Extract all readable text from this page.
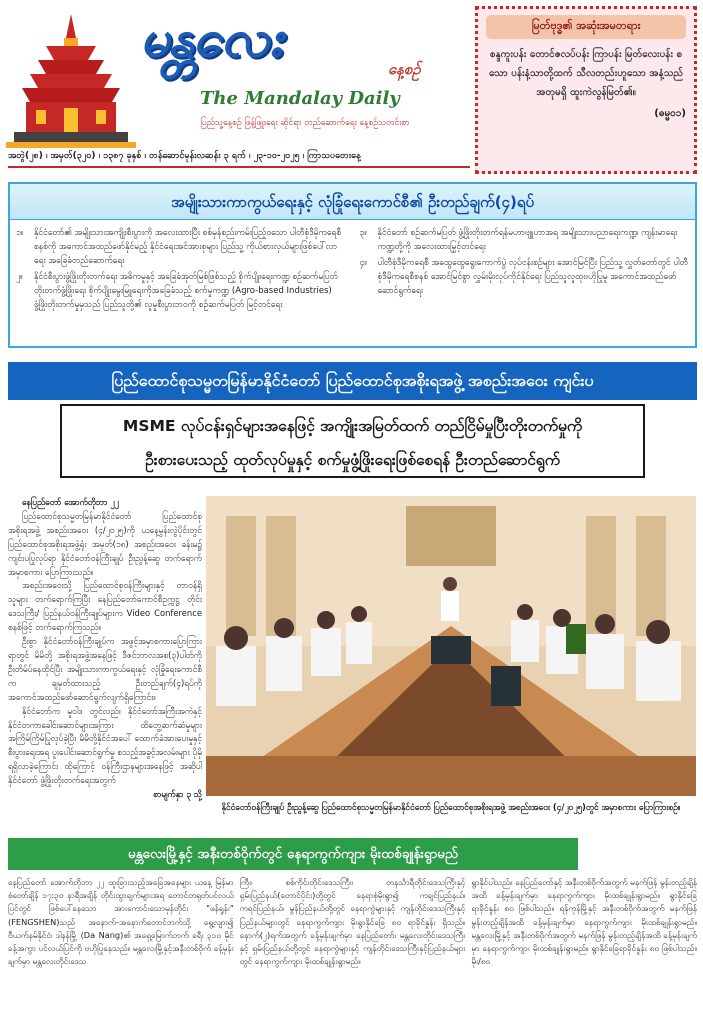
မန္တလေး	နေ့စဉ်
The Mandalay Daily
ပြည်သူ့နေ့စဉ် ဖြန့်ဖြူးရေး ဆိုင်ရာ တည်ဆောက်ရေး နေ့စဉ်သတင်းစာ
အတွဲ(၂၈) ၊ အမှတ်(၃၂၀) ၊ ၁၃၈၇ ခုနှစ် ၊ တန်ဆောင်မုန်းလဆန်း ၃ ရက် ၊ ၂၃-၁၀-၂၀၂၅ ၊ ကြာသပတေးနေ့
မြတ်ဗုဒ္ဓ၏ အဆုံးအမတရား
စန္ဒကူးပန်း တောင်ဇလပ်ပန်း ကြာပန်း မြတ်လေးပန်း စသော ပန်းနံ့သာတို့ထက် သီလတည်းဟူသော အနံ့သည် အတုမရှိ ထူးကဲလွန်မြတ်၏။
(ဓမ္မ၀၁)
အမျိုးသားကာကွယ်ရေးနှင့် လုံခြုံရေးကောင်စီ၏ ဦးတည်ချက်(၄)ရပ်
၁။	နိုင်ငံတော်၏ အမျိုးသားအကျိုးစီးပွားကို အလေးထားပြီး စစ်မှန်စည်းကမ်းပြည့်ဝသော ပါတီစုံဒီမိုကရေစီစနစ်ကို အကောင်အထည်ဖော်နိုင်မည့် နိုင်ငံရေးအင်အားစုများ ပြည်သူ့ ကိုယ်စားလှယ်များဖြစ်ပေါ်လာရေး အခြေခံတည်ဆောက်ရေး
၂။	နိုင်ငံစီးပွားဖွံ့ဖြိုးတိုးတက်ရေး အဓိကမှုနှင့် အခြေခံအုတ်မြစ်ဖြစ်သည့် စိုက်ပျိုးရေးကဏ္ဍ စဉ်ဆက်မပြတ်တိုးတက်ဖွံ့ဖြိုးရေး စိုက်ပျိုးမွေးမြူရေးကိုအခြေခံသည့် စက်မှုကဏ္ဍ (Agro-based Industries) ဖွံ့ဖြိုးတိုးတက်မှုမှသည် ပြည်သူတို့၏ လူမှုစီးပွားဘဝကို စဉ်ဆက်မပြတ် မြင့်တင်ရေး
၃။	နိုင်ငံတော် စဉ်ဆက်မပြတ် ဖွံ့ဖြိုးတိုးတက်ရန်မဟာဗျူဟာအရ အမျိုးသားပညာရေးကဏ္ဍ၊ ကျန်းမာရေးကဏ္ဍတို့ကို အလေးထားမြှင့်တင်ရေး
၄။	ပါတီစုံဒီမိုကရေစီ အထွေထွေရွေးကောက်ပွဲ လုပ်ငန်းစဉ်များ အောင်မြင်ပြီး ပြည်သူ့ လွှတ်တော်တွင် ပါတီစုံဒီမိုကရေစီစနစ် အောင်မြင်စွာ လွှမ်းမိုးလုပ်ကိုင်နိုင်ရေး ပြည်သူလူထုဗဟိုပြုမူ အကောင်အထည်ဖော် ဆောင်ရွက်ရေး
ပြည်ထောင်စုသမ္မတမြန်မာနိုင်ငံတော် ပြည်ထောင်စုအစိုးရအဖွဲ့ အစည်းအဝေး ကျင်းပ
MSME လုပ်ငန်းရှင်များအနေဖြင့် အကျိုးအမြတ်ထက် တည်ငြိမ်မှုပြီးတိုးတက်မှုကို
ဦးစားပေးသည့် ထုတ်လုပ်မှုနှင့် စက်မှုဖွံ့ဖြိုးရေးဖြစ်စေရန် ဦးတည်ဆောင်ရွက်

နေပြည်တော် အောက်တိုဘာ ၂၂

ပြည်ထောင်စုသမ္မတမြန်မာနိုင်ငံတော် ပြည်ထောင်စုအစိုးရအဖွဲ့ အစည်းအဝေး (၄/၂၀၂၅)ကို ယနေ့မွန်းလွဲပိုင်းတွင် ပြည်ထောင်စုအစိုးရအဖွဲ့ရုံး အမှတ်(၁၈) အစည်းအဝေး ခန်းမ၌ ကျင်းပပြုလုပ်ရာ နိုင်ငံတော်ဝန်ကြီးချုပ် ဦးညွန့်ဆွေ တက်ရောက်အမှာစကား ပြောကြားသည်။

အစည်းအဝေးသို့ ပြည်ထောင်စုဝန်ကြီးများနှင့် တာဝန်ရှိသူများ တက်ရောက်ကြပြီး နေပြည်တော်ကောင်စီဥက္ကဋ္ဌ တိုင်းဒေသကြီး/ ပြည်နယ်ဝန်ကြီးချုပ်များက Video Conference စနစ်ဖြင့် တက်ရောက်ကြသည်။

ဦးစွာ နိုင်ငံတော်ဝန်ကြီးချုပ်က အဖွင့်အမှာစကားပြောကြားရာတွင် မိမိတို့ အစိုးရအဖွဲ့အနေဖြင့် ဒီဇင်ဘာလအစ(၃)ပါတ်ကို ဦးတိမ်ပ်နေထိုင်ပြီး အမျိုးသားကာကွယ်ရေးနှင့် လုံခြုံရေးကောင်စီက ချမှတ်ထားသည့် ဦးတည်ချက်(၄)ရပ်ကို အကောင်အထည်ဖော်ဆောင်ရွက်လျက်ရှိကြောင်း။

နိုင်ငံတော်က မူဝါဒ တွင်လည်း နိုင်ငံတော်အကြီးအကဲနှင့် နိုင်ငံတကာခေါင်းဆောင်များအကြား ထိတွေ့ဆက်ဆံမှုများ အကြိမ်ကြိမ်ပြုလုပ်ခဲ့ပြီး မိမိတို့နိုင်ငံအပေါ် ထောက်ခံအားပေးမှုနှင့် စီးပွားရေးအရ ပူးပေါင်းဆောင်ရွက်မှု စသည့်အခွင့်အလမ်းများ ပိုမိုရရှိလာခဲ့ကြောင်း ထိုကြောင့် ဝန်ကြီးဌာနများအနေဖြင့် အဆိုပါ နိုင်ငံတော် ဖွံ့ဖြိုးတိုးတက်ရေးအတွက်

စာမျက်နှာ ၃ သို့

နိုင်ငံတော်ဝန်ကြီးချုပ် ဦးညွန့်ဆွေ ပြည်ထောင်စုသမ္မတမြန်မာနိုင်ငံတော် ပြည်ထောင်စုအစိုးရအဖွဲ့ အစည်းအဝေး (၄/၂၀၂၅)တွင် အမှာစကား ပြောကြားစဉ်။
မန္တလေးမြို့နှင့် အနီးတစ်ဝိုက်တွင် နေရာကွက်ကျား မိုးထစ်ချုန်းရွာမည်
နေပြည်တော် အောက်တိုဘာ ၂၂ ထူးခြားသည့်အခြေအနေများ ယနေ့ မြန်မာစံတော်ချိန် ၁၇:၃၀ နာရီအချိန် တိုင်းထွာချက်များအရ တောင်တရုတ်ပင်လယ်ပြင်တွင် ဖြစ်ပေါ်နေသော အားကောင်းသောမုန်တိုင်း "ဖန်ရှုန်း" (FENGSHEN)သည် အနောက်-အနောက်တောင်ဘက်သို့ ရွေ့လျား၍ ဗီယက်နမ်နိုင်ငံ၊ ဒါနန်မြို့ (Da Nang)၏ အရှေ့မြောက်ဘက် ခရီး ၃၁၀ မိုင်ခန့်အကွာ ပင်လယ်ပြင်ကို ဗဟိုပြုနေသည်။ မန္တလေးမြို့နှင့်အနီးတစ်ဝိုက် ခန့်မှန်းချက်မှာ မန္တလေးတိုင်းဒေသ
ကြီး၊ စစ်ကိုင်းတိုင်းဒေသကြီး၊ တနင်္သာရီတိုင်းဒေသကြီးနှင့် ရှမ်းပြည်နယ်(တောင်ပိုင်း)တို့တွင် နေရာစုံမိုးရွာ၍ ကချင်ပြည်နယ်၊ ကရင်ပြည်နယ်၊ မွန်ပြည်နယ်တို့တွင် နေရာကွဲများနှင့် ကျန်တိုင်းဒေသကြီးနှင့် ပြည်နယ်များတွင် နေရာကွက်ကျား မိုးရွာနိုင်ခြေ ၈၀ ရာခိုင်နှုန်း ရှိသည်။ နောက်(၂)ရက်အတွက် ခန့်မှန်းချက်မှာ နေပြည်တော်၊ မန္တလေးတိုင်းဒေသကြီးနှင့် ရှမ်းပြည်နယ်တို့တွင် နေရာကွဲများနှင့် ကျန်တိုင်းဒေသကြီးနှင့်ပြည်နယ်များတွင် နေရာကွက်ကျား မိုးထစ်ချုန်းရွာမည်။
ရွာနိုင်ပါသည်။ နေပြည်တော်နှင့် အနီးတစ်ဝိုက်အတွက် မနက်ဖြန် မွန်းတည့်ချိန်အထိ ခန့်မှန်းချက်မှာ နေရာကွက်ကျား မိုးထစ်ချုန်းရွာမည်။ ရွာနိုင်ခြေရာခိုင်နှုန်း ၈၀ ဖြစ်ပါသည်။ ရန်ကုန်မြို့နှင့် အနီးတစ်ဝိုက်အတွက် မနက်ဖြန် မွန်းတည့်ချိန်အထိ ခန့်မှန်းချက်မှာ နေရာကွက်ကျား မိုးထစ်ချုန်းရွာမည်။ မန္တလေးမြို့နှင့် အနီးတစ်ဝိုက်အတွက် မနက်ဖြန် မွန်းတည့်ချိန်အထိ ခန့်မှန်းချက်မှာ နေရာကွက်ကျား မိုးထစ်ချုန်းရွာမည်။ ရွာနိုင်ခြေရာခိုင်နှုန်း ၈၀ ဖြစ်ပါသည်။ မိုး/၈၀
